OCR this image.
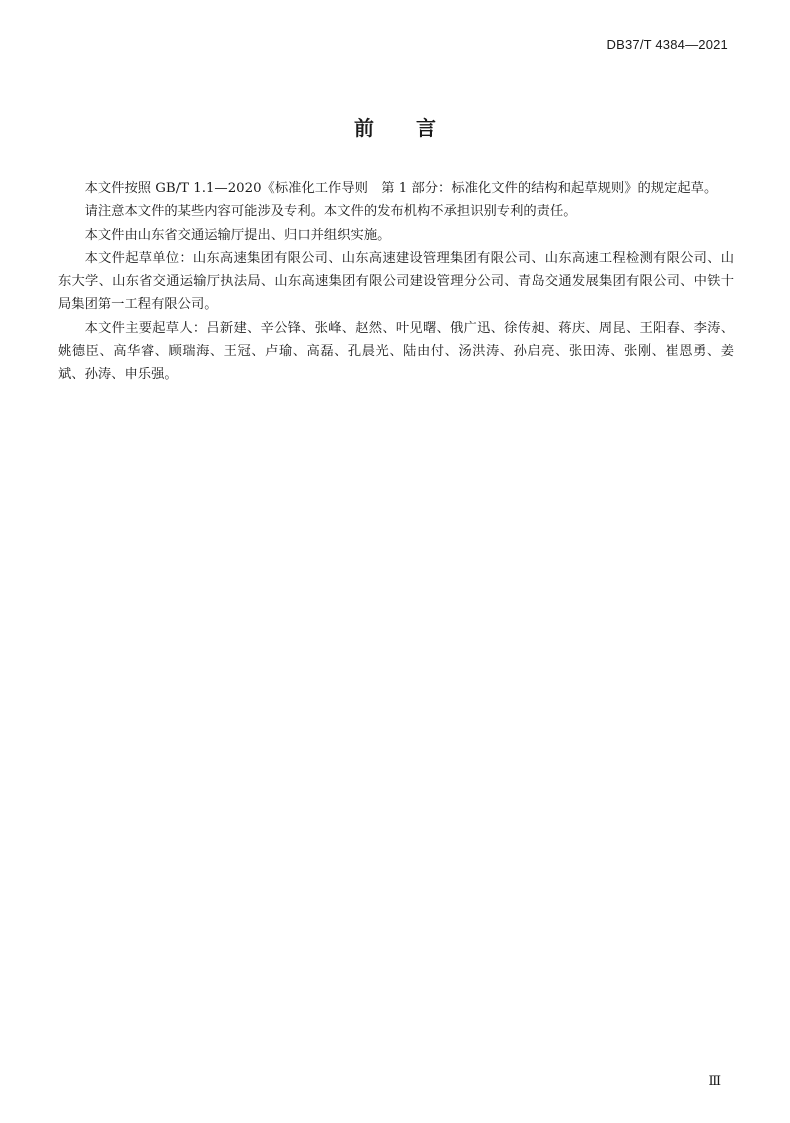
DB37/T 4384—2021
前 言

本文件按照 GB/T 1.1—2020《标准化工作导则　第 1 部分：标准化文件的结构和起草规则》的规定起草。

请注意本文件的某些内容可能涉及专利。本文件的发布机构不承担识别专利的责任。

本文件由山东省交通运输厅提出、归口并组织实施。

本文件起草单位：山东高速集团有限公司、山东高速建设管理集团有限公司、山东高速工程检测有限公司、山东大学、山东省交通运输厅执法局、山东高速集团有限公司建设管理分公司、青岛交通发展集团有限公司、中铁十局集团第一工程有限公司。

本文件主要起草人：吕新建、辛公锋、张峰、赵然、叶见曙、俄广迅、徐传昶、蒋庆、周昆、王阳春、李涛、姚德臣、高华睿、顾瑞海、王冠、卢瑜、高磊、孔晨光、陆由付、汤洪涛、孙启亮、张田涛、张刚、崔恩勇、姜斌、孙涛、申乐强。

Ⅲ
